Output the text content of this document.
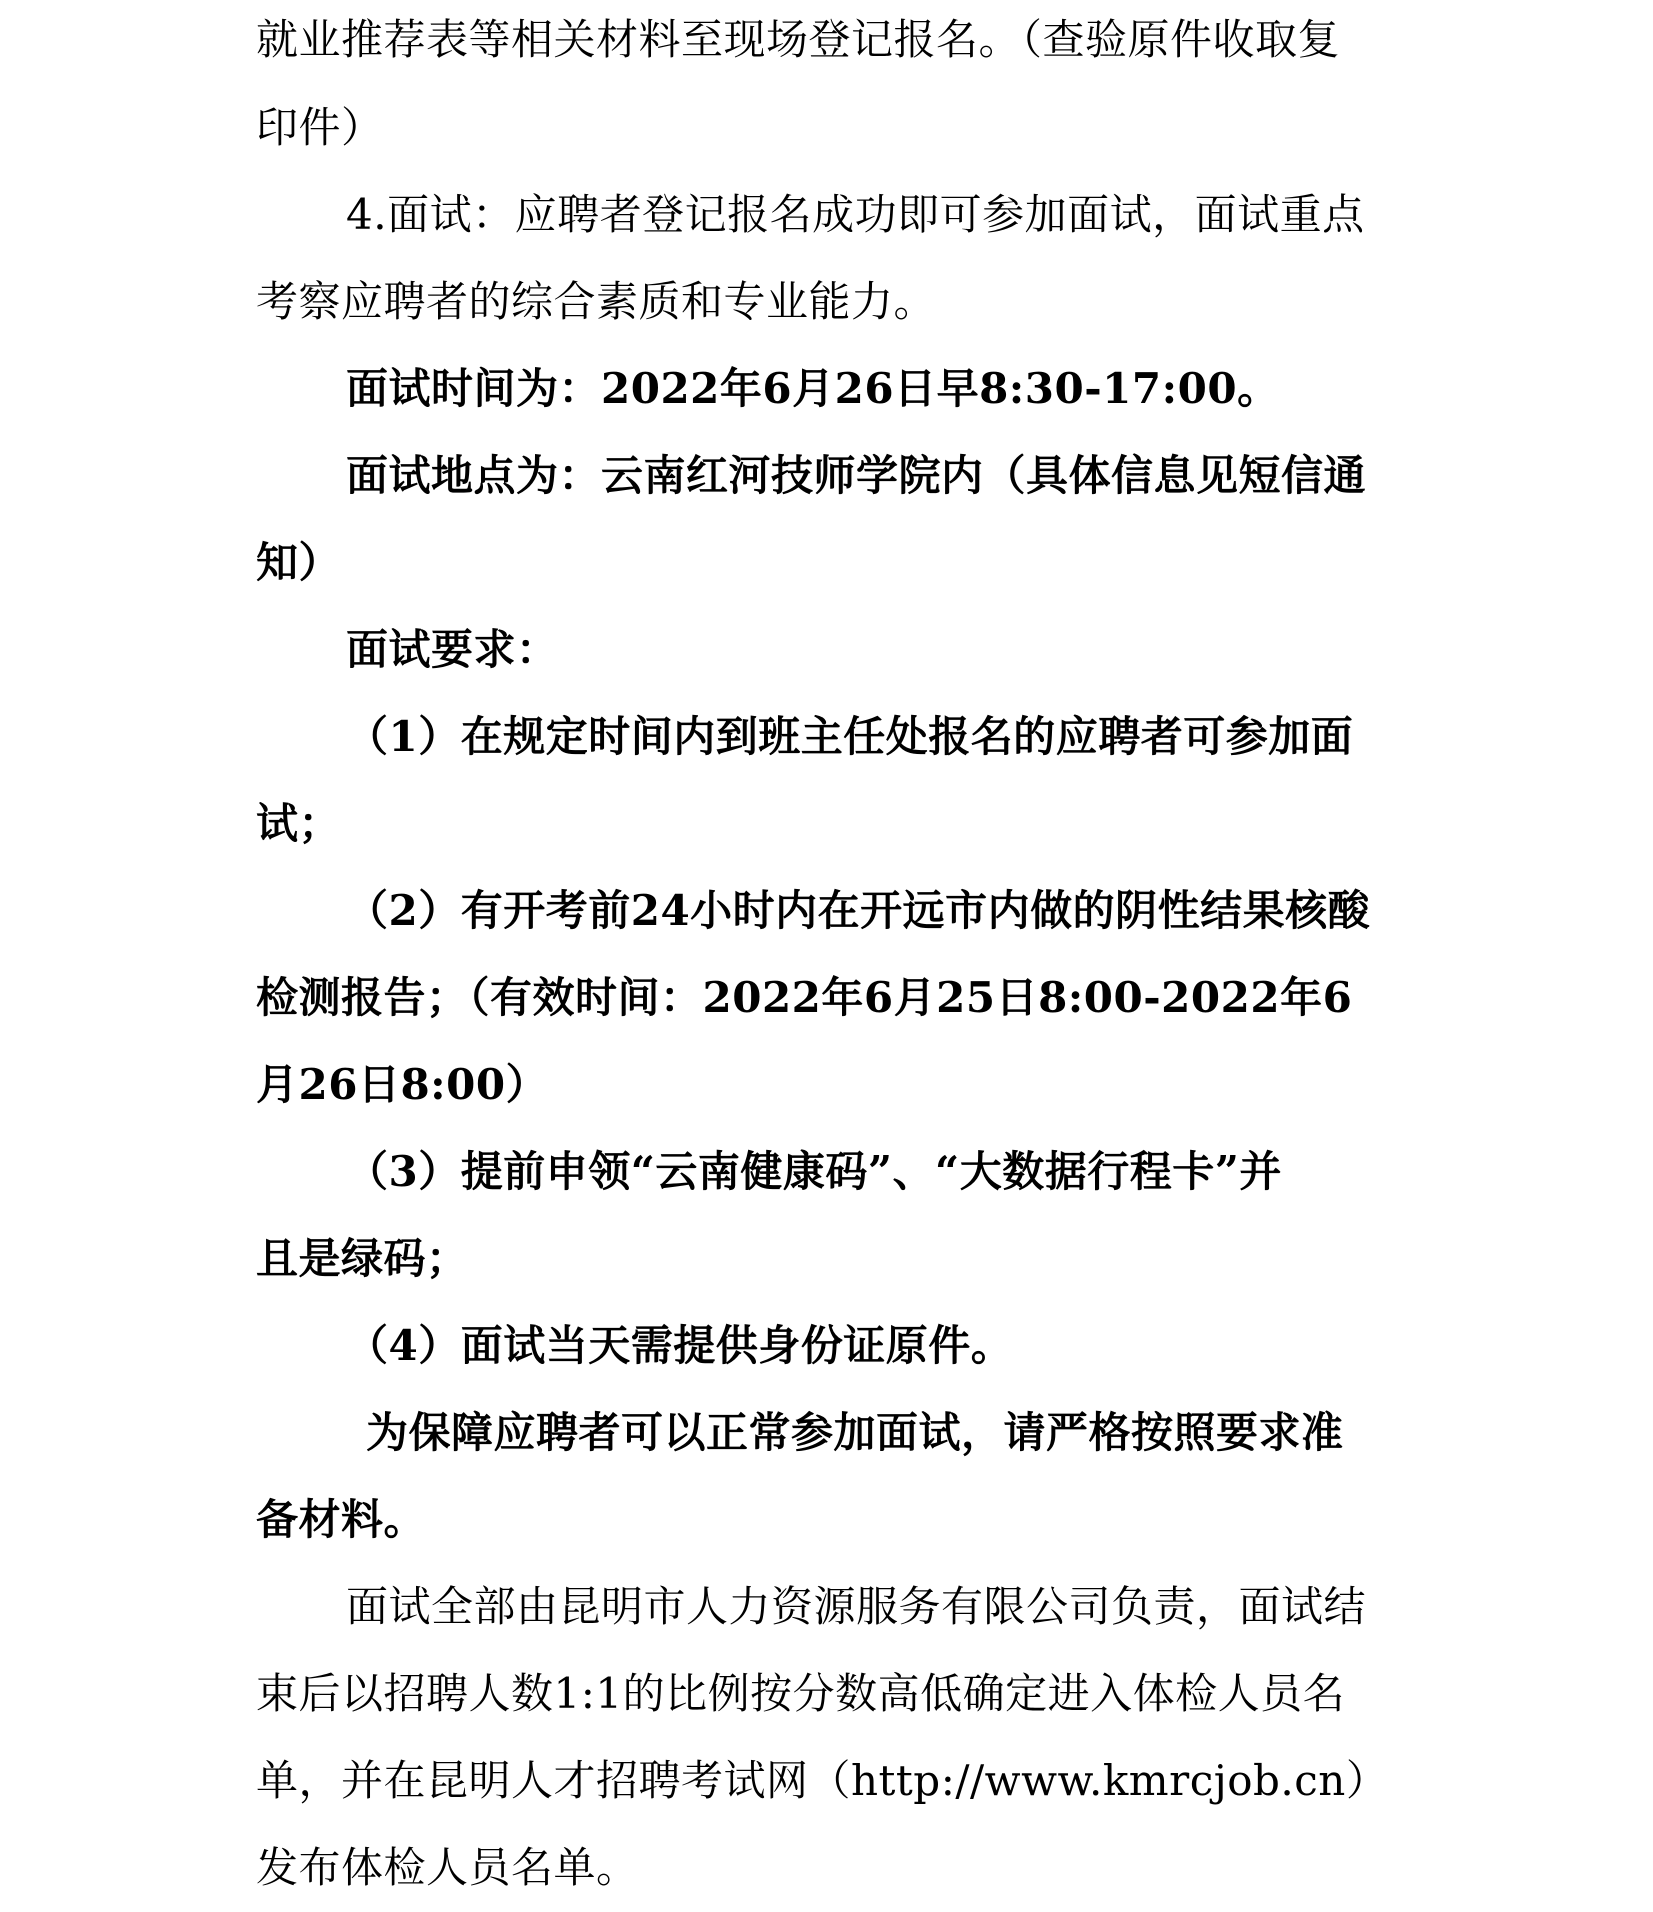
就业推荐表等相关材料至现场登记报名。（查验原件收取复
印件）
4.面试：应聘者登记报名成功即可参加面试，面试重点
考察应聘者的综合素质和专业能力。
面试时间为：2022年6月26日早8:30-17:00。
面试地点为：云南红河技师学院内（具体信息见短信通
知）
面试要求：
（1）在规定时间内到班主任处报名的应聘者可参加面
试；
（2）有开考前24小时内在开远市内做的阴性结果核酸
检测报告；（有效时间：2022年6月25日8:00-2022年6
月26日8:00）
（3）提前申领“云南健康码”、“大数据行程卡”并
且是绿码；
（4）面试当天需提供身份证原件。
为保障应聘者可以正常参加面试，请严格按照要求准
备材料。
面试全部由昆明市人力资源服务有限公司负责，面试结
束后以招聘人数1:1的比例按分数高低确定进入体检人员名
单，并在昆明人才招聘考试网（http://www.kmrcjob.cn）
发布体检人员名单。
